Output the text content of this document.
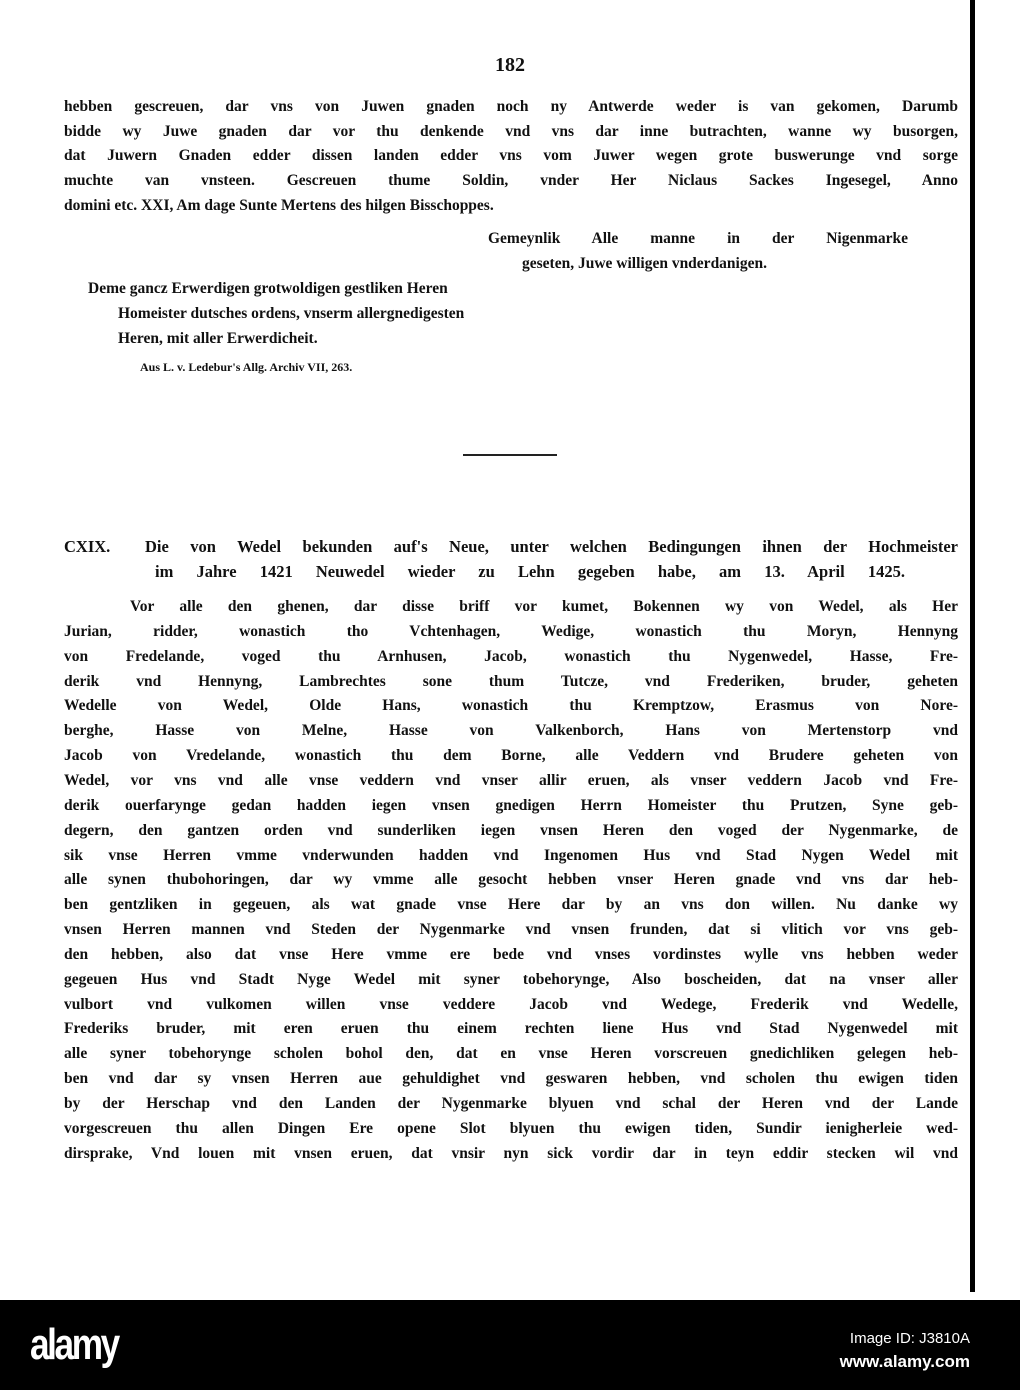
182
hebben gescreuen, dar vns von Juwen gnaden noch ny Antwerde weder is van gekomen, Darumb
bidde wy Juwe gnaden dar vor thu denkende vnd vns dar inne butrachten, wanne wy busorgen,
dat Juwern Gnaden edder dissen landen edder vns vom Juwer wegen grote buswerunge vnd sorge
muchte van vnsteen. Gescreuen thume Soldin, vnder Her Niclaus Sackes Ingesegel, Anno
domini etc. XXI, Am dage Sunte Mertens des hilgen Bisschoppes.
Gemeynlik Alle manne in der Nigenmarke
geseten, Juwe willigen vnderdanigen.
Deme gancz Erwerdigen grotwoldigen gestliken Heren
Homeister dutsches ordens, vnserm allergnedigesten
Heren, mit aller Erwerdicheit.
Aus L. v. Ledebur's Allg. Archiv VII, 263.
CXIX.	Die von Wedel bekunden auf's Neue, unter welchen Bedingungen ihnen der Hochmeister
im Jahre 1421 Neuwedel wieder zu Lehn gegeben habe, am 13. April 1425.
Vor alle den ghenen, dar disse briff vor kumet, Bokennen wy von Wedel, als Her
Jurian, ridder, wonastich tho Vchtenhagen, Wedige, wonastich thu Moryn, Hennyng
von Fredelande, voged thu Arnhusen, Jacob, wonastich thu Nygenwedel, Hasse, Fre-
derik vnd Hennyng, Lambrechtes sone thum Tutcze, vnd Frederiken, bruder, geheten
Wedelle von Wedel, Olde Hans, wonastich thu Kremptzow, Erasmus von Nore-
berghe, Hasse von Melne, Hasse von Valkenborch, Hans von Mertenstorp vnd
Jacob von Vredelande, wonastich thu dem Borne, alle Veddern vnd Brudere geheten von
Wedel, vor vns vnd alle vnse veddern vnd vnser allir eruen, als vnser veddern Jacob vnd Fre-
derik ouerfarynge gedan hadden iegen vnsen gnedigen Herrn Homeister thu Prutzen, Syne geb-
degern, den gantzen orden vnd sunderliken iegen vnsen Heren den voged der Nygenmarke, de
sik vnse Herren vmme vnderwunden hadden vnd Ingenomen Hus vnd Stad Nygen Wedel mit
alle synen thubohoringen, dar wy vmme alle gesocht hebben vnser Heren gnade vnd vns dar heb-
ben gentzliken in gegeuen, als wat gnade vnse Here dar by an vns don willen. Nu danke wy
vnsen Herren mannen vnd Steden der Nygenmarke vnd vnsen frunden, dat si vlitich vor vns geb-
den hebben, also dat vnse Here vmme ere bede vnd vnses vordinstes wylle vns hebben weder
gegeuen Hus vnd Stadt Nyge Wedel mit syner tobehorynge, Also boscheiden, dat na vnser aller
vulbort vnd vulkomen willen vnse veddere Jacob vnd Wedege, Frederik vnd Wedelle,
Frederiks bruder, mit eren eruen thu einem rechten liene Hus vnd Stad Nygenwedel mit
alle syner tobehorynge scholen bohol den, dat en vnse Heren vorscreuen gnedichliken gelegen heb-
ben vnd dar sy vnsen Herren aue gehuldighet vnd geswaren hebben, vnd scholen thu ewigen tiden
by der Herschap vnd den Landen der Nygenmarke blyuen vnd schal der Heren vnd der Lande
vorgescreuen thu allen Dingen Ere opene Slot blyuen thu ewigen tiden, Sundir ienigherleie wed-
dirsprake, Vnd louen mit vnsen eruen, dat vnsir nyn sick vordir dar in teyn eddir stecken wil vnd
alamy	Image ID: J3810A
www.alamy.com
